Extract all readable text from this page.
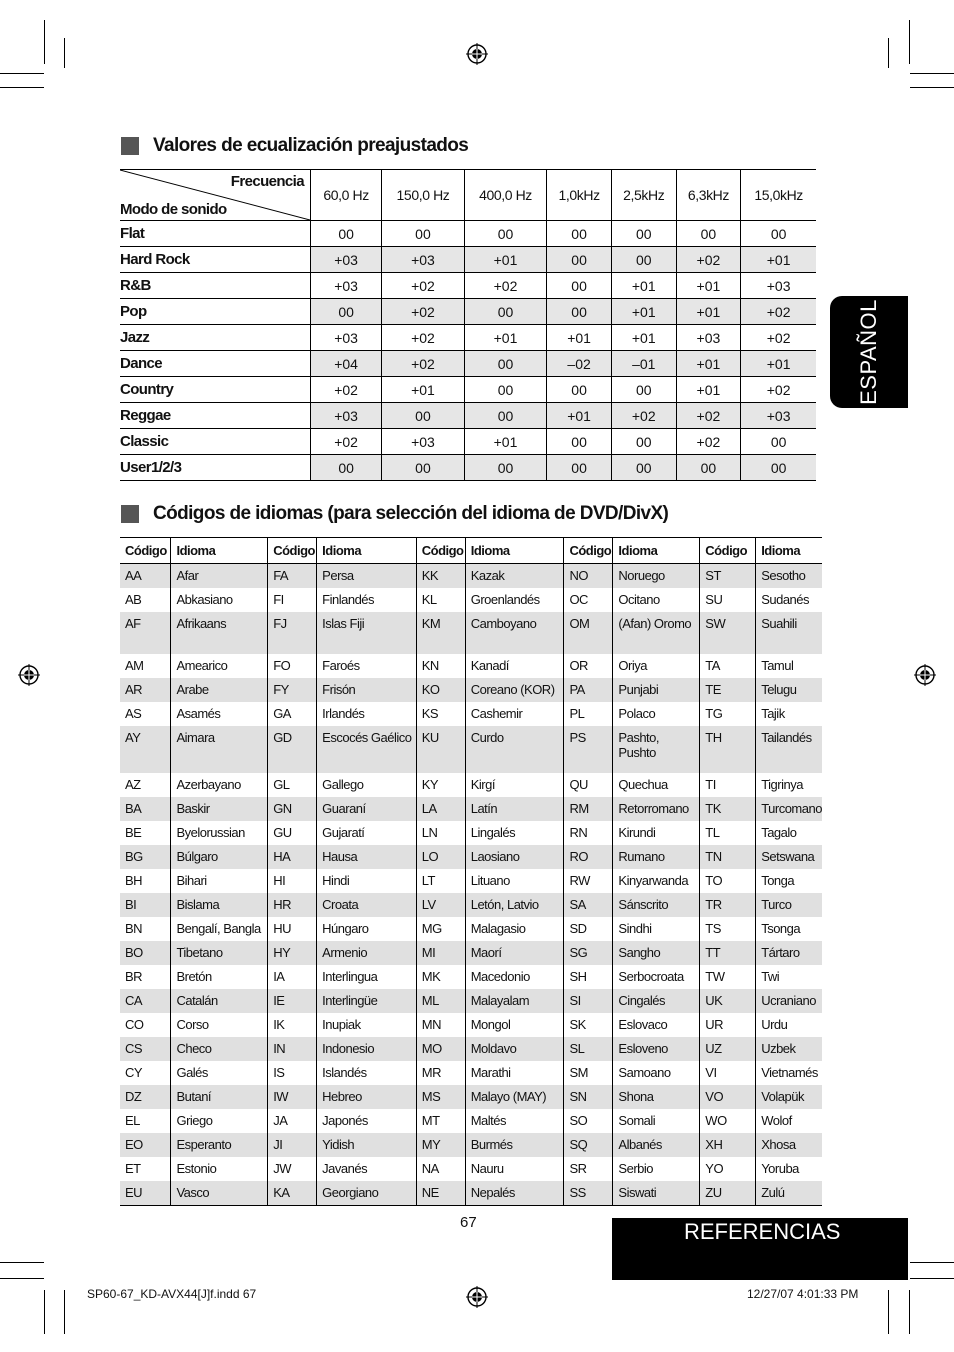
Valores de ecualización preajustados
Frecuencia
Modo de sonido	60,0 Hz	150,0 Hz	400,0 Hz	1,0kHz	2,5kHz	6,3kHz	15,0kHz
Flat	00	00	00	00	00	00	00
Hard Rock	+03	+03	+01	00	00	+02	+01
R&B	+03	+02	+02	00	+01	+01	+03
Pop	00	+02	00	00	+01	+01	+02
Jazz	+03	+02	+01	+01	+01	+03	+02
Dance	+04	+02	00	–02	–01	+01	+01
Country	+02	+01	00	00	00	+01	+02
Reggae	+03	00	00	+01	+02	+02	+03
Classic	+02	+03	+01	00	00	+02	00
User1/2/3	00	00	00	00	00	00	00
Códigos de idiomas (para selección del idioma de DVD/DivX)
Código	Idioma	Código	Idioma	Código	Idioma	Código	Idioma	Código	Idioma
AA	Afar	FA	Persa	KK	Kazak	NO	Noruego	ST	Sesotho
AB	Abkasiano	FI	Finlandés	KL	Groenlandés	OC	Ocitano	SU	Sudanés
AF	Afrikaans	FJ	Islas Fiji	KM	Camboyano	OM	(Afan) Oromo	SW	Suahili
AM	Amearico	FO	Faroés	KN	Kanadí	OR	Oriya	TA	Tamul
AR	Arabe	FY	Frisón	KO	Coreano (KOR)	PA	Punjabi	TE	Telugu
AS	Asamés	GA	Irlandés	KS	Cashemir	PL	Polaco	TG	Tajik
AY	Aimara	GD	Escocés Gaélico	KU	Curdo	PS	Pashto,
Pushto	TH	Tailandés
AZ	Azerbayano	GL	Gallego	KY	Kirgí	QU	Quechua	TI	Tigrinya
BA	Baskir	GN	Guaraní	LA	Latín	RM	Retorromano	TK	Turcomano
BE	Byelorussian	GU	Gujaratí	LN	Lingalés	RN	Kirundi	TL	Tagalo
BG	Búlgaro	HA	Hausa	LO	Laosiano	RO	Rumano	TN	Setswana
BH	Bihari	HI	Hindi	LT	Lituano	RW	Kinyarwanda	TO	Tonga
BI	Bislama	HR	Croata	LV	Letón, Latvio	SA	Sánscrito	TR	Turco
BN	Bengalí, Bangla	HU	Húngaro	MG	Malagasio	SD	Sindhi	TS	Tsonga
BO	Tibetano	HY	Armenio	MI	Maorí	SG	Sangho	TT	Tártaro
BR	Bretón	IA	Interlingua	MK	Macedonio	SH	Serbocroata	TW	Twi
CA	Catalán	IE	Interlingüe	ML	Malayalam	SI	Cingalés	UK	Ucraniano
CO	Corso	IK	Inupiak	MN	Mongol	SK	Eslovaco	UR	Urdu
CS	Checo	IN	Indonesio	MO	Moldavo	SL	Esloveno	UZ	Uzbek
CY	Galés	IS	Islandés	MR	Marathi	SM	Samoano	VI	Vietnamés
DZ	Butaní	IW	Hebreo	MS	Malayo (MAY)	SN	Shona	VO	Volapük
EL	Griego	JA	Japonés	MT	Maltés	SO	Somali	WO	Wolof
EO	Esperanto	JI	Yidish	MY	Burmés	SQ	Albanés	XH	Xhosa
ET	Estonio	JW	Javanés	NA	Nauru	SR	Serbio	YO	Yoruba
EU	Vasco	KA	Georgiano	NE	Nepalés	SS	Siswati	ZU	Zulú
ESPAÑOL
67	REFERENCIAS
SP60-67_KD-AVX44[J]f.indd 67	12/27/07 4:01:33 PM
